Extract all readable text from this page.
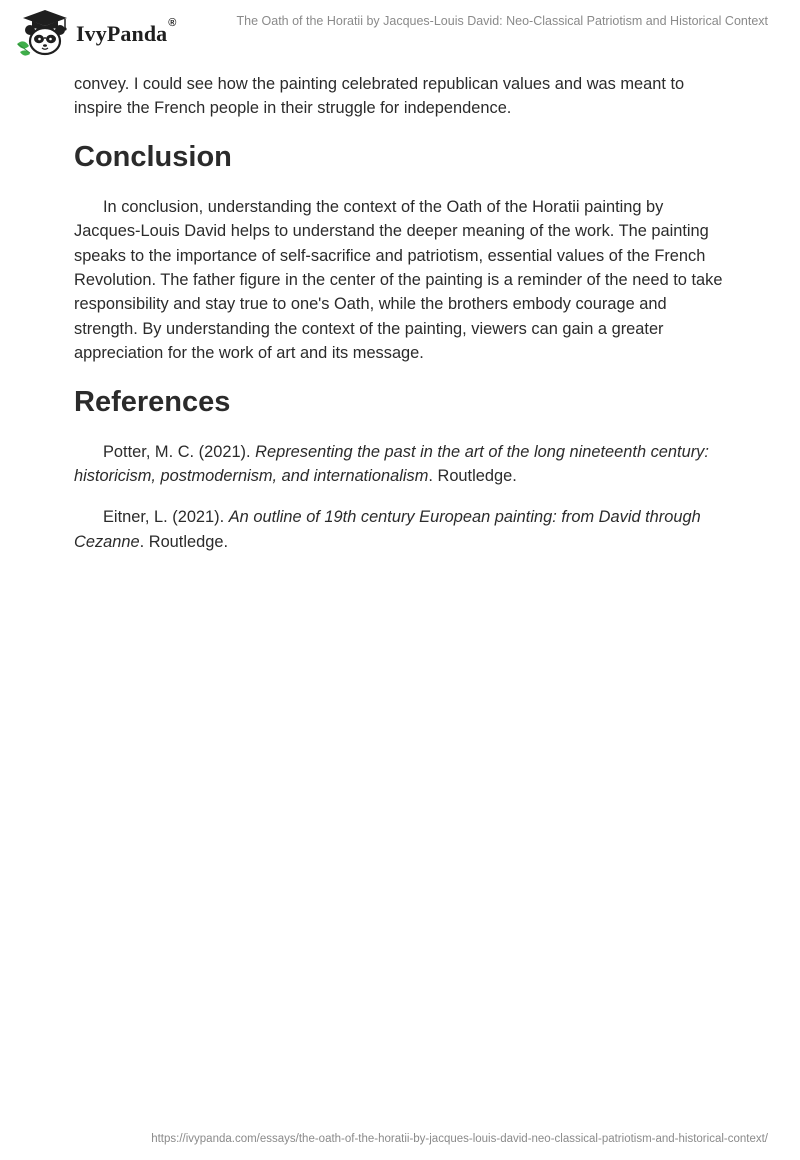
IvyPanda®	The Oath of the Horatii by Jacques-Louis David: Neo-Classical Patriotism and Historical Context

convey. I could see how the painting celebrated republican values and was meant to inspire the French people in their struggle for independence.

Conclusion

In conclusion, understanding the context of the Oath of the Horatii painting by Jacques-Louis David helps to understand the deeper meaning of the work. The painting speaks to the importance of self-sacrifice and patriotism, essential values of the French Revolution. The father figure in the center of the painting is a reminder of the need to take responsibility and stay true to one's Oath, while the brothers embody courage and strength. By understanding the context of the painting, viewers can gain a greater appreciation for the work of art and its message.

References

Potter, M. C. (2021). Representing the past in the art of the long nineteenth century: historicism, postmodernism, and internationalism. Routledge.

Eitner, L. (2021). An outline of 19th century European painting: from David through Cezanne. Routledge.

https://ivypanda.com/essays/the-oath-of-the-horatii-by-jacques-louis-david-neo-classical-patriotism-and-historical-context/
